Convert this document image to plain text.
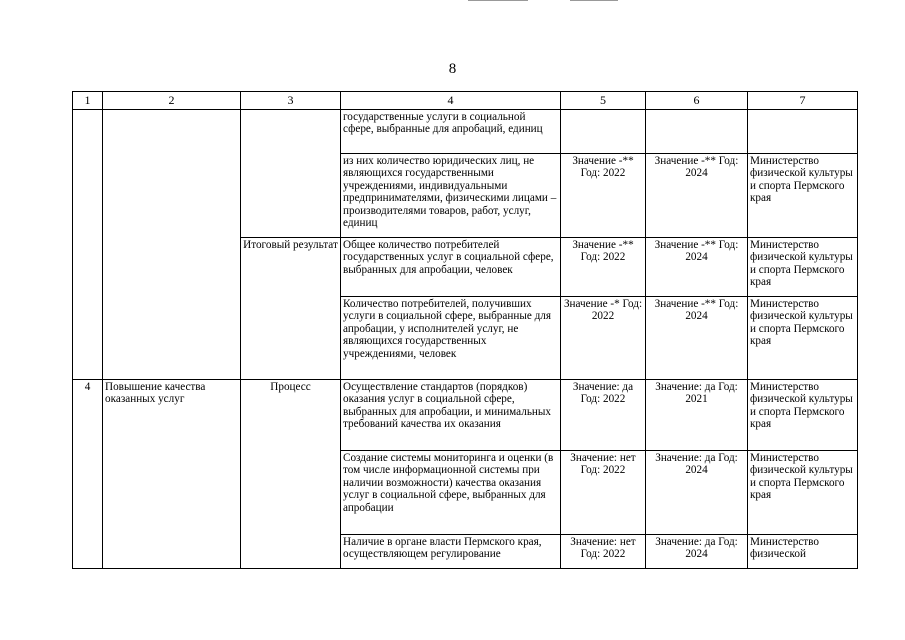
8
1	2	3	4	5	6	7
			государственные услуги в социальной сфере, выбранные для апробаций, единиц			
			из них количество юридических лиц, не являющихся государственными учреждениями, индивидуальными предпринимателями, физическими лицами – производителями товаров, работ, услуг, единиц	Значение -** Год: 2022	Значение -** Год: 2024	Министерство физической культуры и спорта Пермского края
		Итоговый результат	Общее количество потребителей государственных услуг в социальной сфере, выбранных для апробации, человек	Значение -** Год: 2022	Значение -** Год: 2024	Министерство физической культуры и спорта Пермского края
			Количество потребителей, получивших услуги в социальной сфере, выбранные для апробации, у исполнителей услуг, не являющихся государственных учреждениями, человек	Значение -* Год: 2022	Значение -** Год: 2024	Министерство физической культуры и спорта Пермского края
4	Повышение качества оказанных услуг	Процесс	Осуществление стандартов (порядков) оказания услуг в социальной сфере, выбранных для апробации, и минимальных требований качества их оказания	Значение: да Год: 2022	Значение: да Год: 2021	Министерство физической культуры и спорта Пермского края
			Создание системы мониторинга и оценки (в том числе информационной системы при наличии возможности) качества оказания услуг в социальной сфере, выбранных для апробации	Значение: нет Год: 2022	Значение: да Год: 2024	Министерство физической культуры и спорта Пермского края

			Наличие в органе власти Пермского края, осуществляющем регулирование	Значение: нет Год: 2022	Значение: да Год: 2024	Министерство физической
